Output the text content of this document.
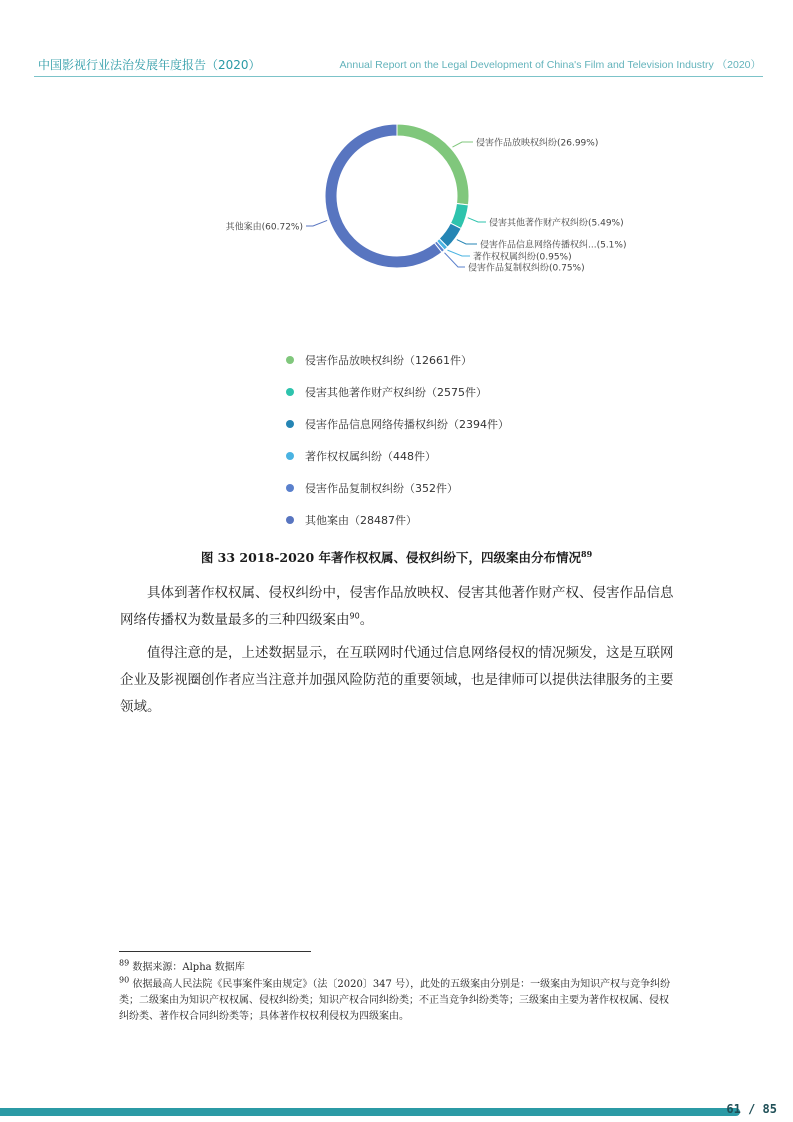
中国影视行业法治发展年度报告（2020）	Annual Report on the Legal Development of China's Film and Television Industry （2020）
侵害作品放映权纠纷(26.99%)
侵害其他著作财产权纠纷(5.49%)
侵害作品信息网络传播权纠...(5.1%)
著作权权属纠纷(0.95%)
侵害作品复制权纠纷(0.75%)
其他案由(60.72%)
侵害作品放映权纠纷（12661件）
侵害其他著作财产权纠纷（2575件）
侵害作品信息网络传播权纠纷（2394件）
著作权权属纠纷（448件）
侵害作品复制权纠纷（352件）
其他案由（28487件）
图 33 2018-2020 年著作权权属、侵权纠纷下，四级案由分布情况$^{89}$

具体到著作权权属、侵权纠纷中，侵害作品放映权、侵害其他著作财产权、侵害作品信息网络传播权为数量最多的三种四级案由$^{90}$。

值得注意的是，上述数据显示，在互联网时代通过信息网络侵权的情况频发，这是互联网企业及影视圈创作者应当注意并加强风险防范的重要领域，也是律师可以提供法律服务的主要领域。

$^{89}$ 数据来源：Alpha 数据库

$^{90}$ 依据最高人民法院《民事案件案由规定》（法〔2020〕347 号），此处的五级案由分别是：一级案由为知识产权与竞争纠纷类；二级案由为知识产权权属、侵权纠纷类；知识产权合同纠纷类；不正当竞争纠纷类等；三级案由主要为著作权权属、侵权纠纷类、著作权合同纠纷类等；具体著作权权利侵权为四级案由。

61 / 85
